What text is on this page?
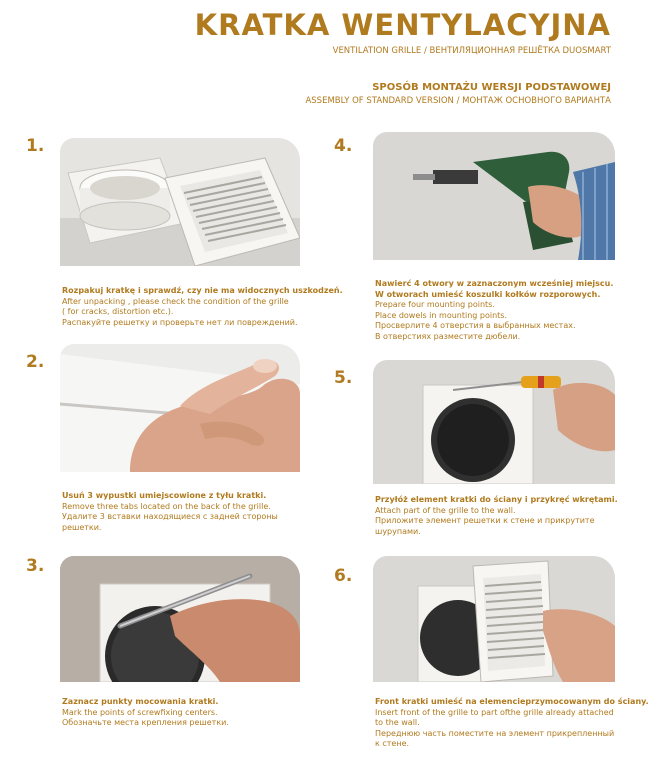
KRATKA WENTYLACYJNA
VENTILATION GRILLE / ВЕНТИЛЯЦИОННАЯ РЕШЁТКА DUOSMART
SPOSÓB MONTAŻU WERSJI PODSTAWOWEJ
ASSEMBLY OF STANDARD VERSION / МОНТАЖ ОСНОВНОГО ВАРИАНТА
1.
Rozpakuj kratkę i sprawdź, czy nie ma widocznych uszkodzeń.
After unpacking , please check the condition of the grille
( for cracks, distortion etc.).
Распакуйте решетку и проверьте нет ли повреждений.
2.
Usuń 3 wypustki umiejscowione z tyłu kratki.
Remove three tabs located on the back of the grille.
Удалите 3 вставки находящиеся с задней стороны
решетки.
3.
Zaznacz punkty mocowania kratki.
Mark the points of screwfixing centers.
Обозначьте места крепления решетки.
4.
Nawierć 4 otwory w zaznaczonym wcześniej miejscu.
W otworach umieść koszulki kołków rozporowych.
Prepare four mounting points.
Place dowels in mounting points.
Просверлите 4 отверстия в выбранных местах.
В отверстиях разместите дюбели.
5.
Przyłóż element kratki do ściany i przykręć wkrętami.
Attach part of the grille to the wall.
Приложите элемент решетки к стене и прикрутите
шурупами.
6.
Front kratki umieść na elemencieprzymocowanym do ściany.
Insert front of the grille to part ofthe grille already attached
to the wall.
Переднюю часть поместите на элемент прикрепленный
к стене.
